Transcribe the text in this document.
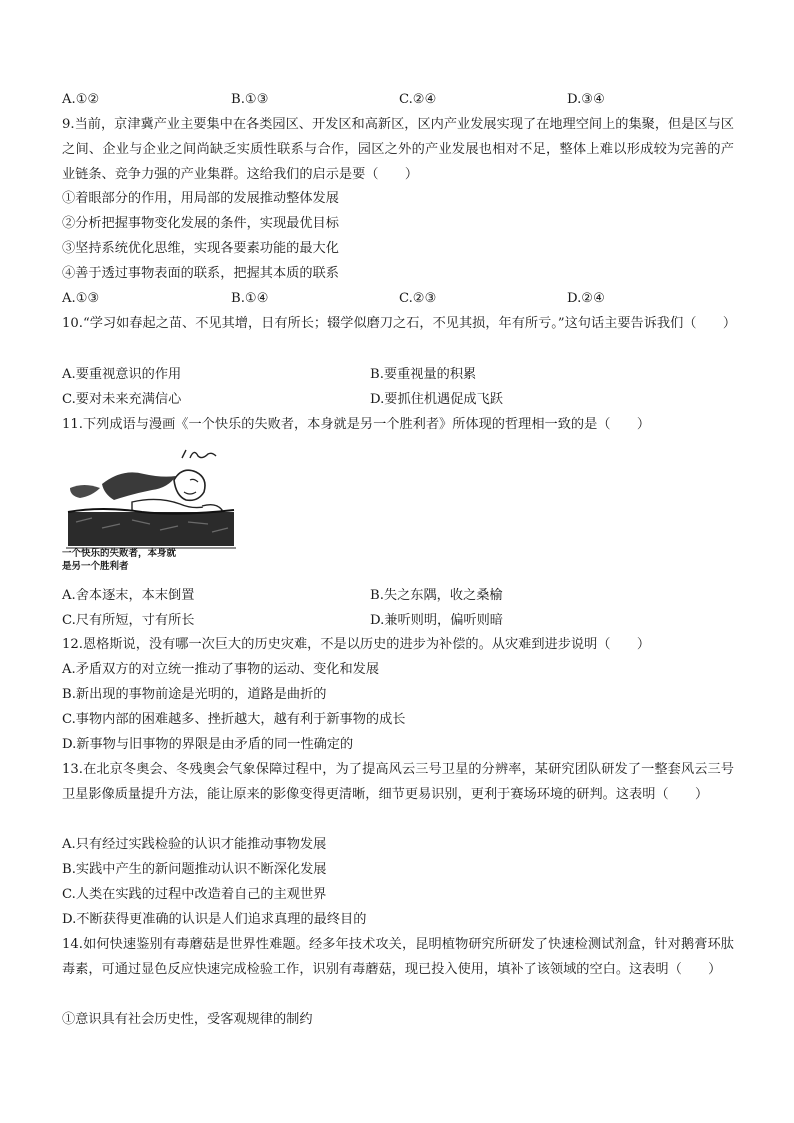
A.①②	B.①③	C.②④	D.③④
9.当前，京津冀产业主要集中在各类园区、开发区和高新区，区内产业发展实现了在地理空间上的集聚，但是区与区之间、企业与企业之间尚缺乏实质性联系与合作，园区之外的产业发展也相对不足，整体上难以形成较为完善的产业链条、竞争力强的产业集群。这给我们的启示是要（　　）
①着眼部分的作用，用局部的发展推动整体发展
②分析把握事物变化发展的条件，实现最优目标
③坚持系统优化思维，实现各要素功能的最大化
④善于透过事物表面的联系，把握其本质的联系
A.①③	B.①④	C.②③	D.②④
10.“学习如春起之苗、不见其增，日有所长；辍学似磨刀之石，不见其损，年有所亏。”这句话主要告诉我们（　　）
A.要重视意识的作用	B.要重视量的积累
C.要对未来充满信心	D.要抓住机遇促成飞跃
11.下列成语与漫画《一个快乐的失败者，本身就是另一个胜利者》所体现的哲理相一致的是（　　）
一个快乐的失败者，本身就
是另一个胜利者
A.舍本逐末，本末倒置	B.失之东隅，收之桑榆
C.尺有所短，寸有所长	D.兼听则明，偏听则暗
12.恩格斯说，没有哪一次巨大的历史灾难，不是以历史的进步为补偿的。从灾难到进步说明（　　）
A.矛盾双方的对立统一推动了事物的运动、变化和发展
B.新出现的事物前途是光明的，道路是曲折的
C.事物内部的困难越多、挫折越大，越有利于新事物的成长
D.新事物与旧事物的界限是由矛盾的同一性确定的
13.在北京冬奥会、冬残奥会气象保障过程中，为了提高风云三号卫星的分辨率，某研究团队研发了一整套风云三号卫星影像质量提升方法，能让原来的影像变得更清晰，细节更易识别，更利于赛场环境的研判。这表明（　　）
A.只有经过实践检验的认识才能推动事物发展
B.实践中产生的新问题推动认识不断深化发展
C.人类在实践的过程中改造着自己的主观世界
D.不断获得更准确的认识是人们追求真理的最终目的
14.如何快速鉴别有毒蘑菇是世界性难题。经多年技术攻关，昆明植物研究所研发了快速检测试剂盒，针对鹅膏环肽毒素，可通过显色反应快速完成检验工作，识别有毒蘑菇，现已投入使用，填补了该领域的空白。这表明（　　）
①意识具有社会历史性，受客观规律的制约
